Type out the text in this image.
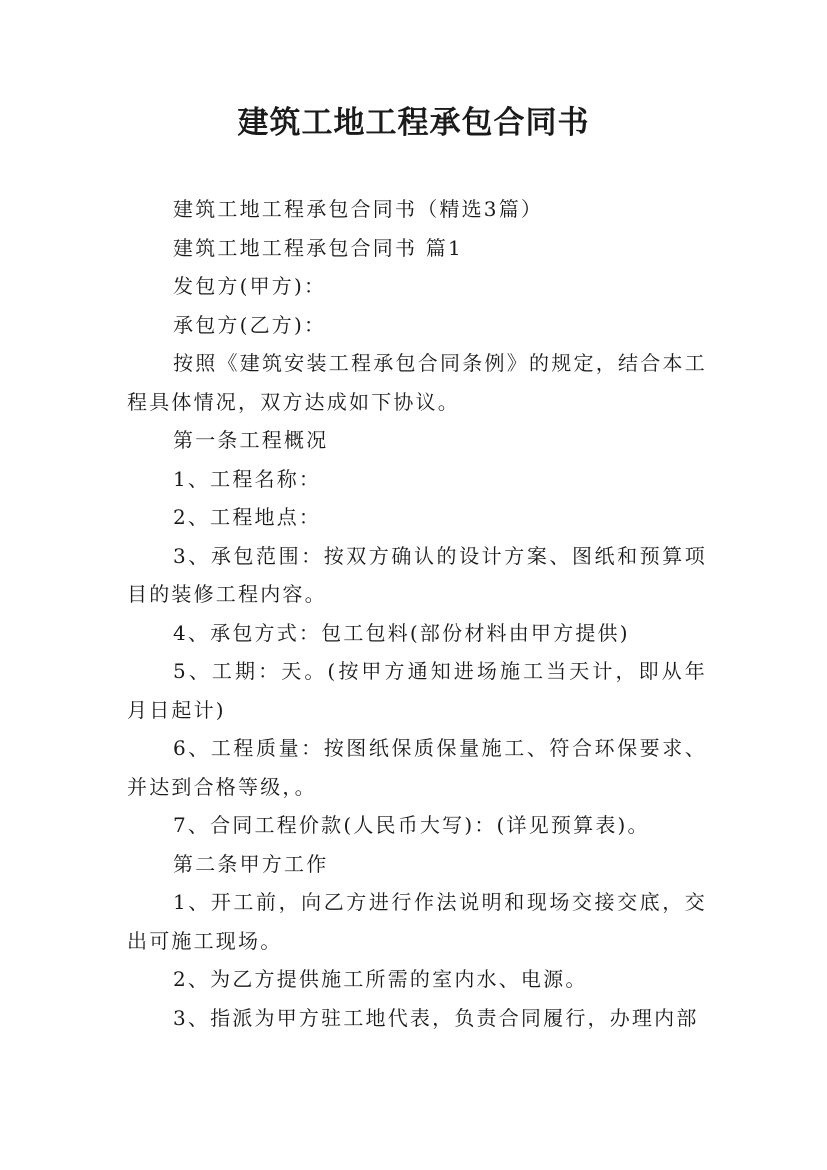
建筑工地工程承包合同书

建筑工地工程承包合同书（精选3篇）

建筑工地工程承包合同书 篇1

发包方(甲方)：

承包方(乙方)：

按照《建筑安装工程承包合同条例》的规定，结合本工程具体情况，双方达成如下协议。

第一条工程概况

1、工程名称：

2、工程地点：

3、承包范围：按双方确认的设计方案、图纸和预算项目的装修工程内容。

4、承包方式：包工包料(部份材料由甲方提供)

5、工期：天。(按甲方通知进场施工当天计，即从年月日起计)

6、工程质量：按图纸保质保量施工、符合环保要求、并达到合格等级，。

7、合同工程价款(人民币大写)：(详见预算表)。

第二条甲方工作

1、开工前，向乙方进行作法说明和现场交接交底，交出可施工现场。

2、为乙方提供施工所需的室内水、电源。

3、指派为甲方驻工地代表，负责合同履行，办理内部
